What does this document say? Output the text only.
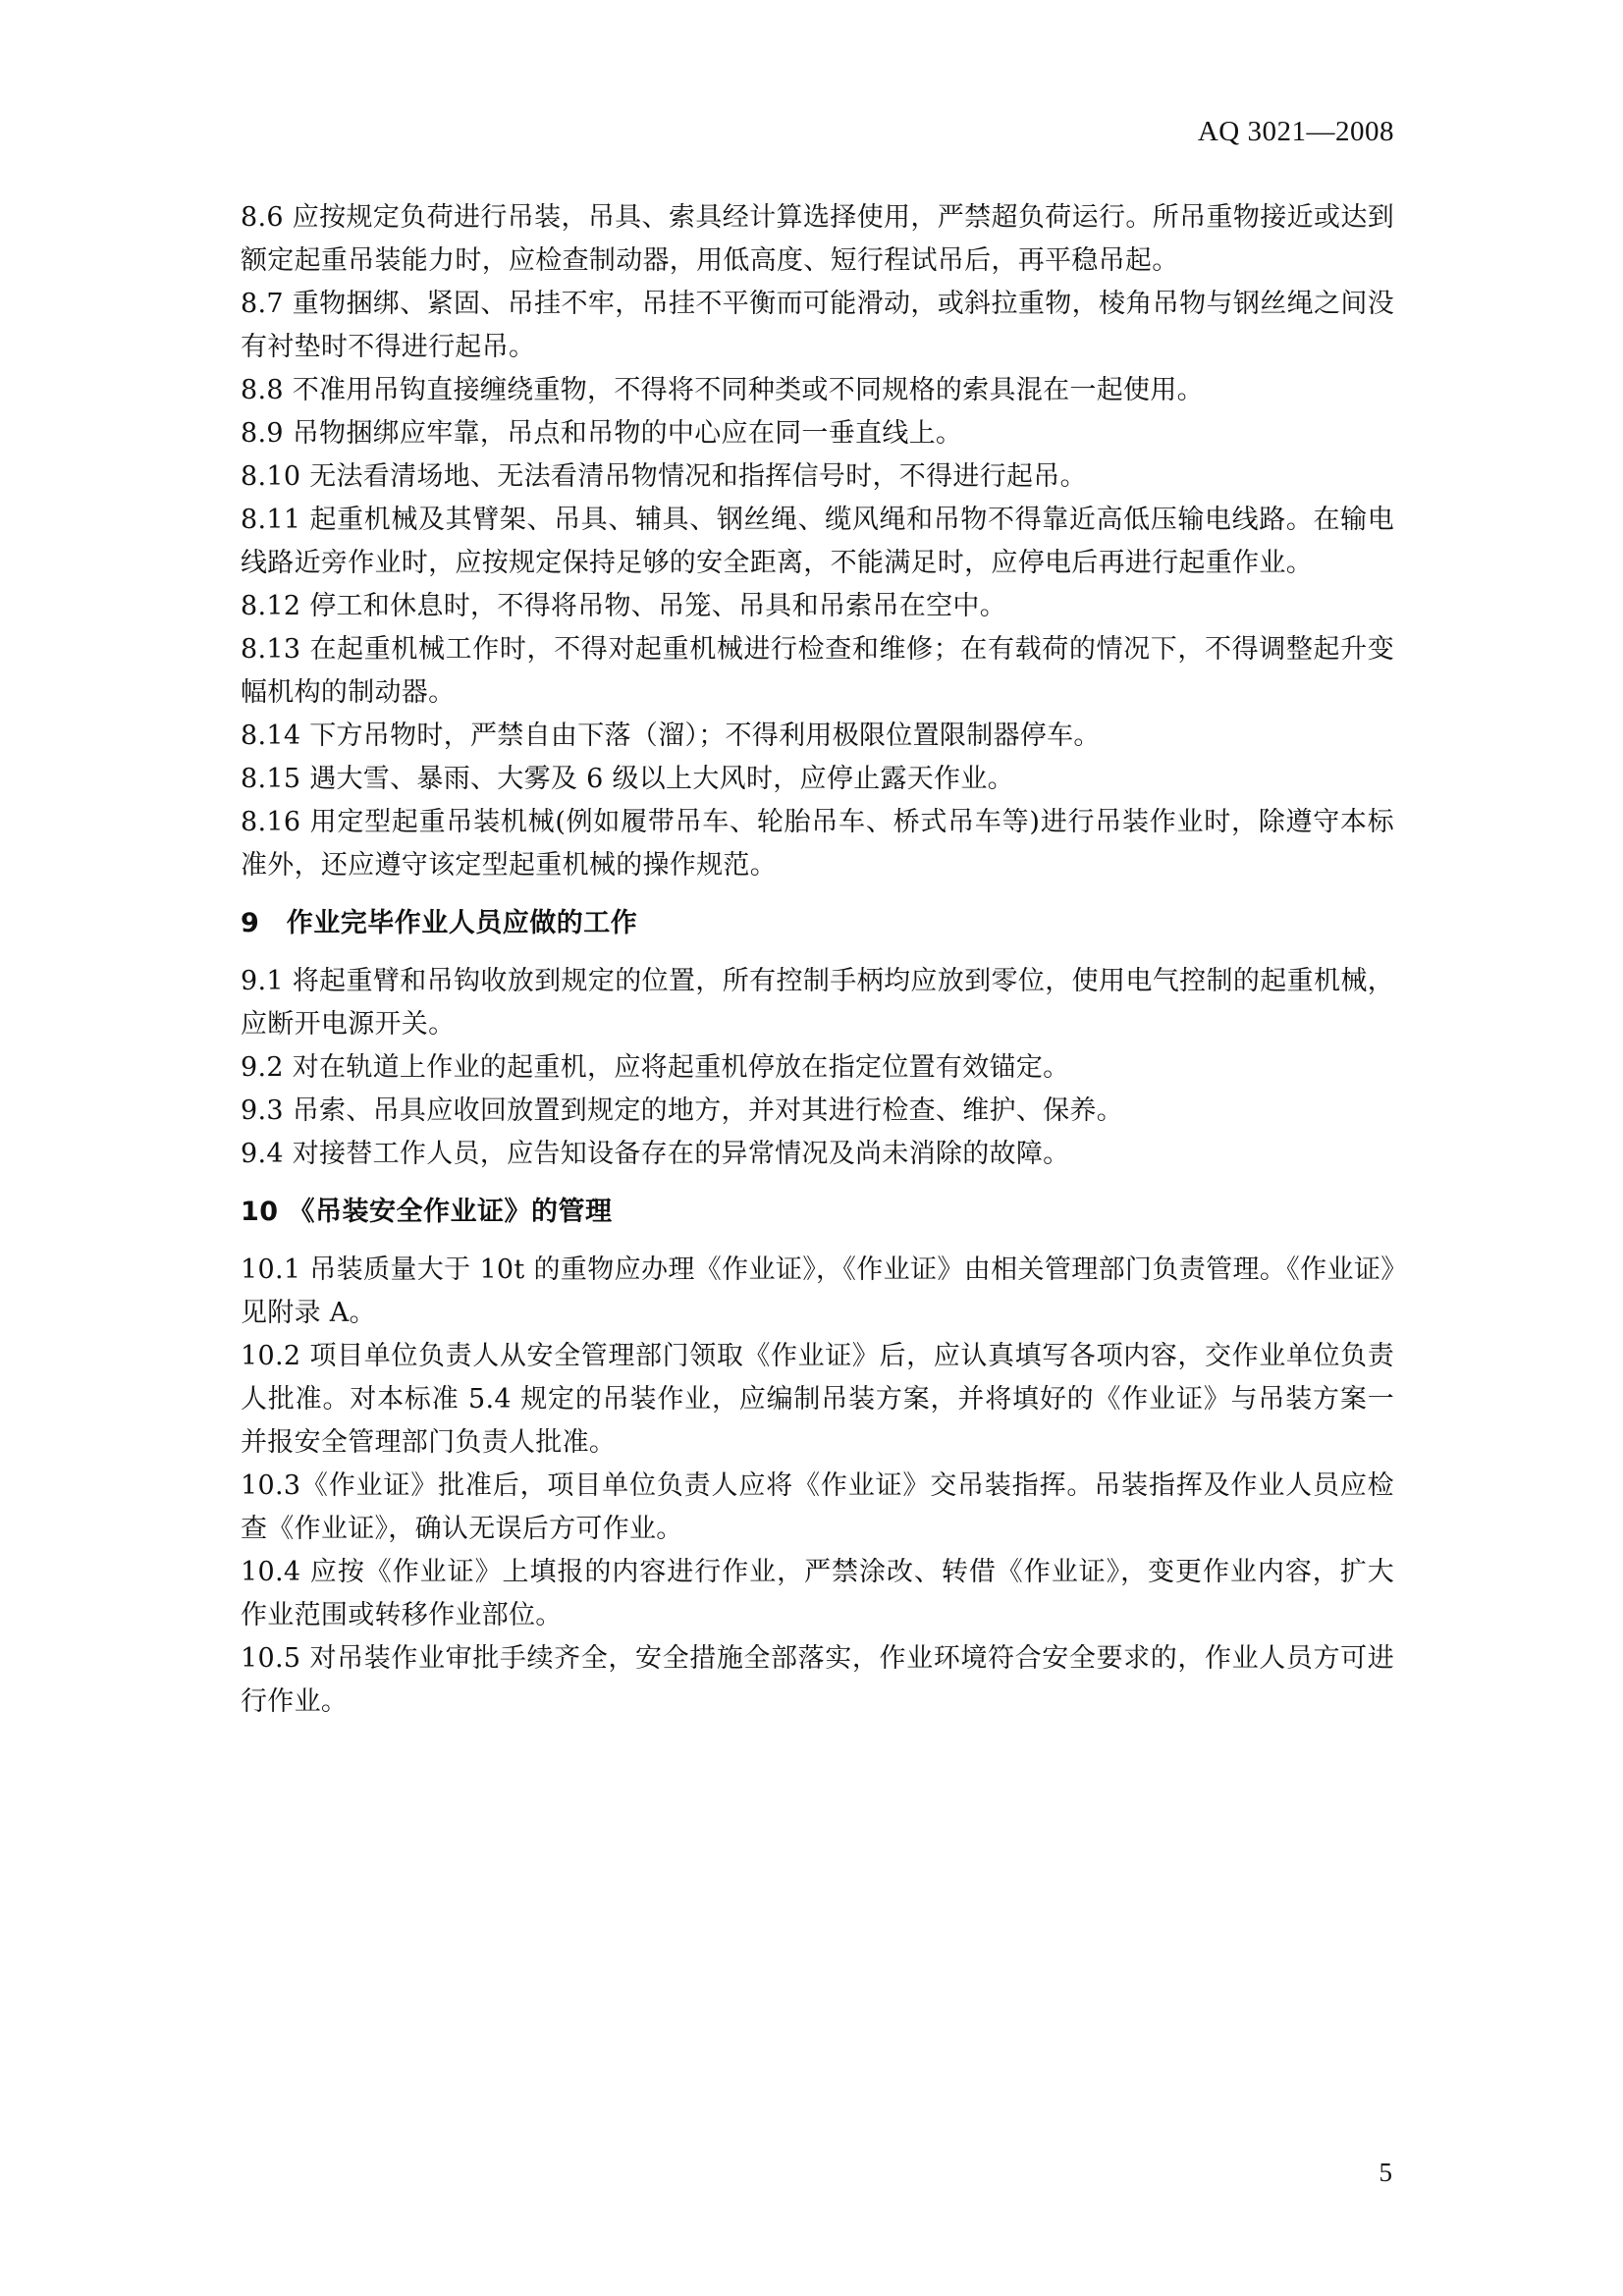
AQ 3021—2008

8.6 应按规定负荷进行吊装，吊具、索具经计算选择使用，严禁超负荷运行。所吊重物接近或达到额定起重吊装能力时，应检查制动器，用低高度、短行程试吊后，再平稳吊起。

8.7 重物捆绑、紧固、吊挂不牢，吊挂不平衡而可能滑动，或斜拉重物，棱角吊物与钢丝绳之间没有衬垫时不得进行起吊。

8.8 不准用吊钩直接缠绕重物，不得将不同种类或不同规格的索具混在一起使用。

8.9 吊物捆绑应牢靠，吊点和吊物的中心应在同一垂直线上。

8.10 无法看清场地、无法看清吊物情况和指挥信号时，不得进行起吊。

8.11 起重机械及其臂架、吊具、辅具、钢丝绳、缆风绳和吊物不得靠近高低压输电线路。在输电线路近旁作业时，应按规定保持足够的安全距离，不能满足时，应停电后再进行起重作业。

8.12 停工和休息时，不得将吊物、吊笼、吊具和吊索吊在空中。

8.13 在起重机械工作时，不得对起重机械进行检查和维修；在有载荷的情况下，不得调整起升变幅机构的制动器。

8.14 下方吊物时，严禁自由下落（溜）；不得利用极限位置限制器停车。

8.15 遇大雪、暴雨、大雾及 6 级以上大风时，应停止露天作业。

8.16 用定型起重吊装机械(例如履带吊车、轮胎吊车、桥式吊车等)进行吊装作业时，除遵守本标准外，还应遵守该定型起重机械的操作规范。

9　作业完毕作业人员应做的工作

9.1 将起重臂和吊钩收放到规定的位置，所有控制手柄均应放到零位，使用电气控制的起重机械，应断开电源开关。

9.2 对在轨道上作业的起重机，应将起重机停放在指定位置有效锚定。

9.3 吊索、吊具应收回放置到规定的地方，并对其进行检查、维护、保养。

9.4 对接替工作人员，应告知设备存在的异常情况及尚未消除的故障。

10 《吊装安全作业证》的管理

10.1 吊装质量大于 10t 的重物应办理《作业证》，《作业证》由相关管理部门负责管理。《作业证》见附录 A。

10.2 项目单位负责人从安全管理部门领取《作业证》后，应认真填写各项内容，交作业单位负责人批准。对本标准 5.4 规定的吊装作业，应编制吊装方案，并将填好的《作业证》与吊装方案一并报安全管理部门负责人批准。

10.3《作业证》批准后，项目单位负责人应将《作业证》交吊装指挥。吊装指挥及作业人员应检查《作业证》，确认无误后方可作业。

10.4 应按《作业证》上填报的内容进行作业，严禁涂改、转借《作业证》，变更作业内容，扩大作业范围或转移作业部位。

10.5 对吊装作业审批手续齐全，安全措施全部落实，作业环境符合安全要求的，作业人员方可进行作业。

5
